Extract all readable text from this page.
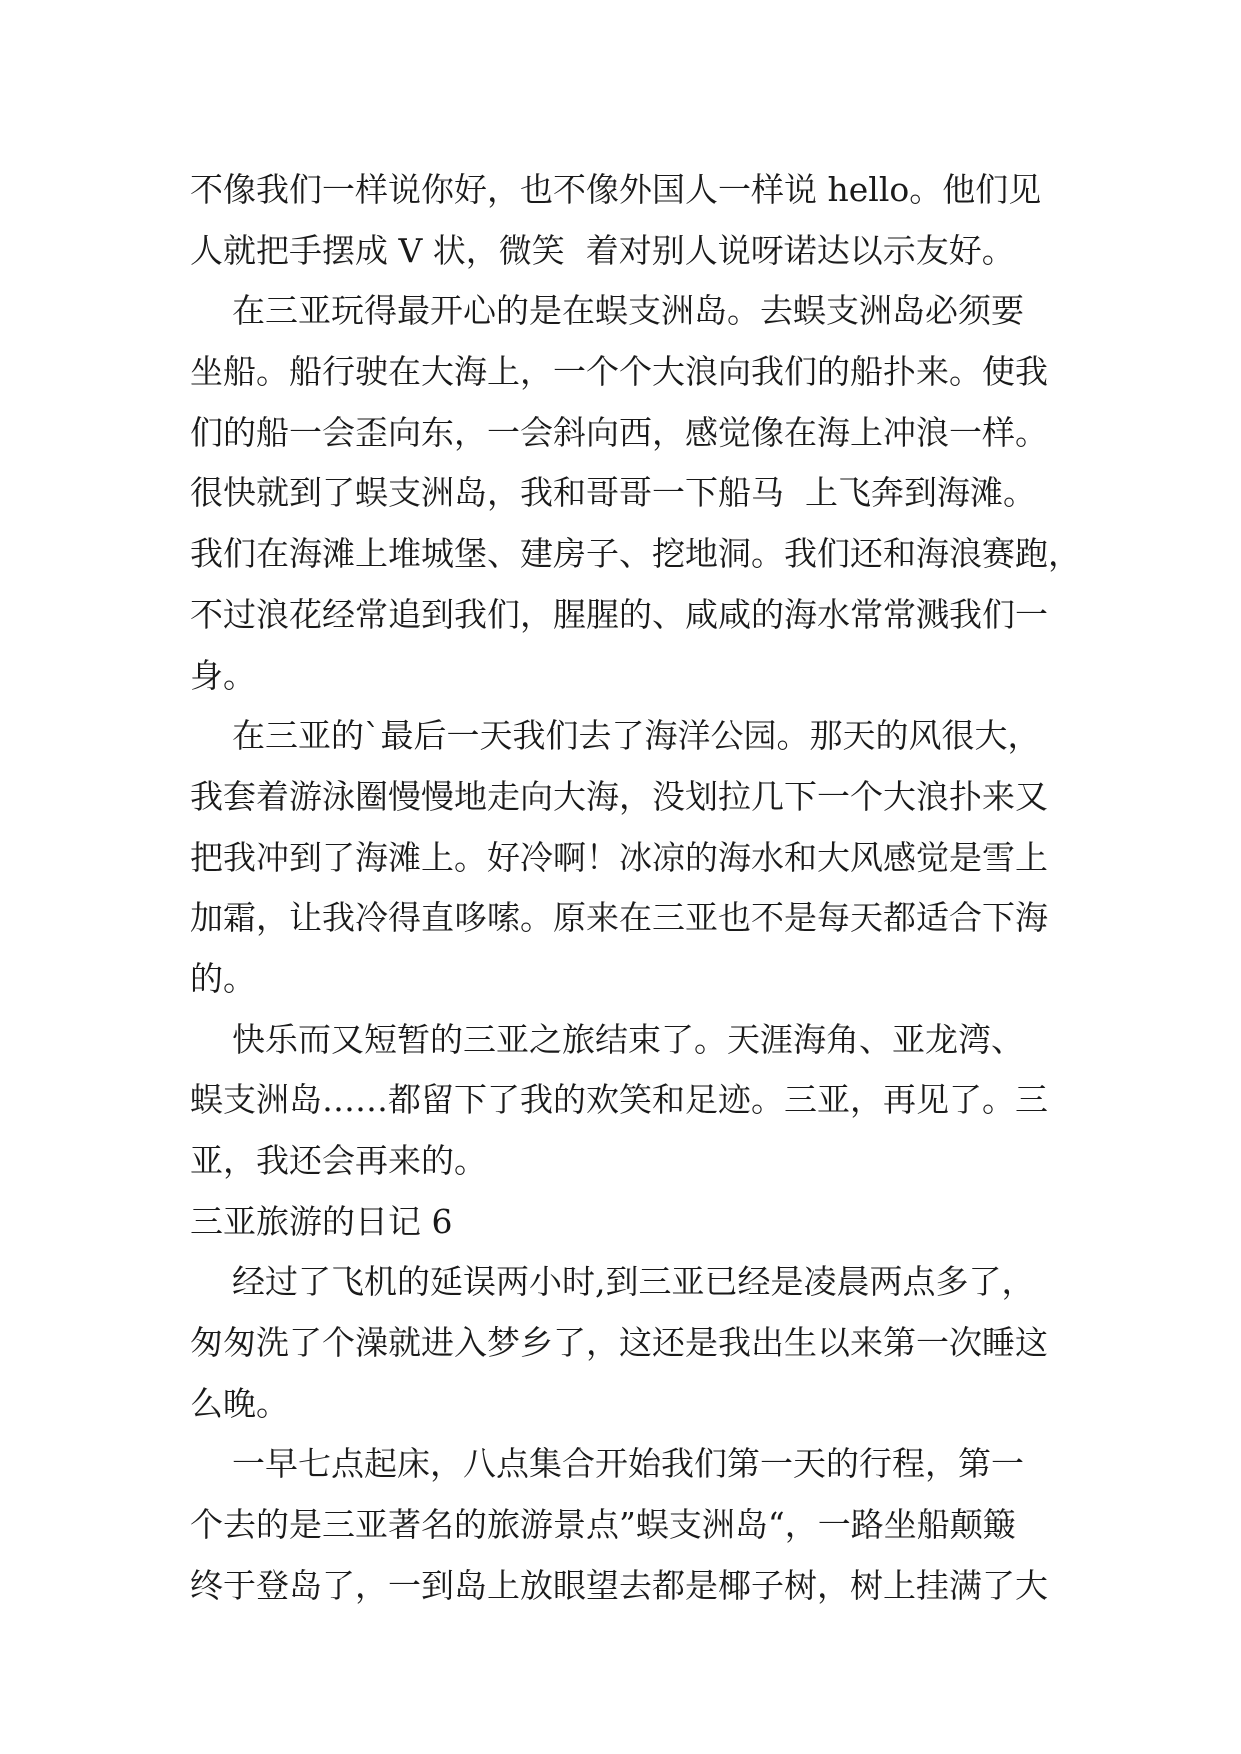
不像我们一样说你好，也不像外国人一样说 hello。他们见
人就把手摆成 V 状，微笑  着对别人说呀诺达以示友好。
在三亚玩得最开心的是在蜈支洲岛。去蜈支洲岛必须要
坐船。船行驶在大海上，一个个大浪向我们的船扑来。使我
们的船一会歪向东，一会斜向西，感觉像在海上冲浪一样。
很快就到了蜈支洲岛，我和哥哥一下船马  上飞奔到海滩。
我们在海滩上堆城堡、建房子、挖地洞。我们还和海浪赛跑，
不过浪花经常追到我们，腥腥的、咸咸的海水常常溅我们一
身。
在三亚的`最后一天我们去了海洋公园。那天的风很大，
我套着游泳圈慢慢地走向大海，没划拉几下一个大浪扑来又
把我冲到了海滩上。好冷啊！冰凉的海水和大风感觉是雪上
加霜，让我冷得直哆嗦。原来在三亚也不是每天都适合下海
的。
快乐而又短暂的三亚之旅结束了。天涯海角、亚龙湾、
蜈支洲岛……都留下了我的欢笑和足迹。三亚，再见了。三
亚，我还会再来的。
三亚旅游的日记 6
经过了飞机的延误两小时,到三亚已经是凌晨两点多了，
匆匆洗了个澡就进入梦乡了，这还是我出生以来第一次睡这
么晚。
一早七点起床，八点集合开始我们第一天的行程，第一
个去的是三亚著名的旅游景点”蜈支洲岛“，一路坐船颠簸
终于登岛了，一到岛上放眼望去都是椰子树，树上挂满了大
